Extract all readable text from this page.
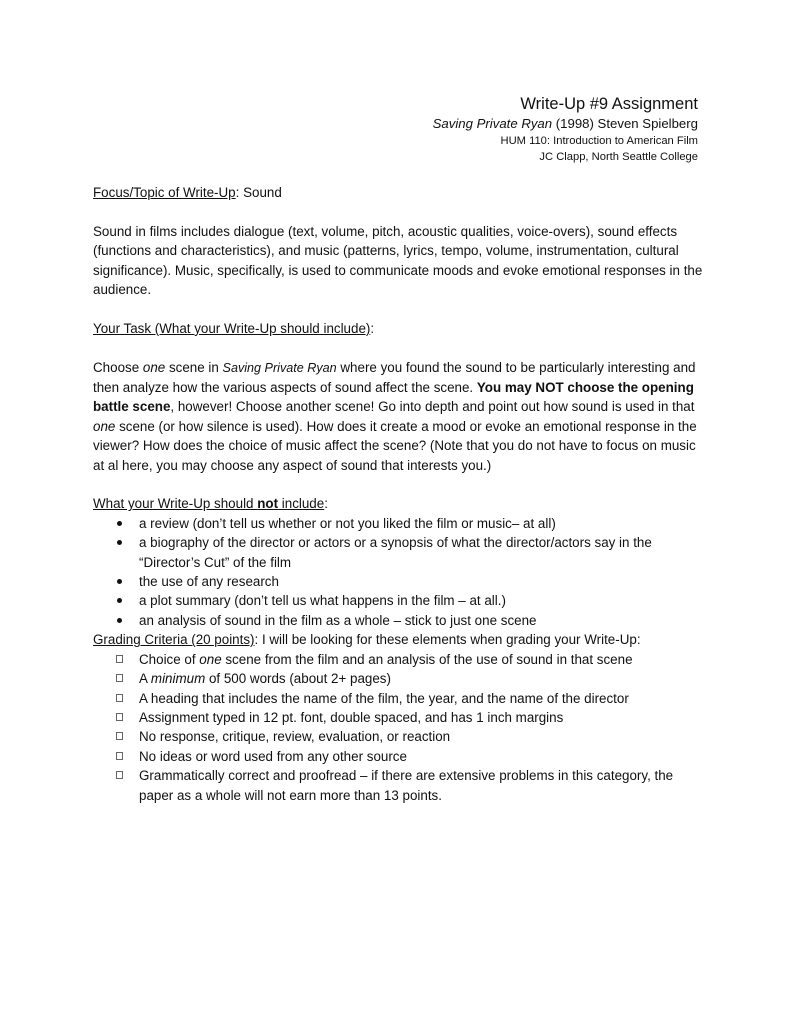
Write-Up #9 Assignment
Saving Private Ryan (1998) Steven Spielberg
HUM 110: Introduction to American Film
JC Clapp, North Seattle College
Focus/Topic of Write-Up: Sound
Sound in films includes dialogue (text, volume, pitch, acoustic qualities, voice-overs), sound effects (functions and characteristics), and music (patterns, lyrics, tempo, volume, instrumentation, cultural significance). Music, specifically, is used to communicate moods and evoke emotional responses in the audience.
Your Task (What your Write-Up should include):
Choose one scene in Saving Private Ryan where you found the sound to be particularly interesting and then analyze how the various aspects of sound affect the scene. You may NOT choose the opening battle scene, however! Choose another scene! Go into depth and point out how sound is used in that one scene (or how silence is used). How does it create a mood or evoke an emotional response in the viewer? How does the choice of music affect the scene? (Note that you do not have to focus on music at al here, you may choose any aspect of sound that interests you.)
What your Write-Up should not include:
a review (don’t tell us whether or not you liked the film or music– at all)
a biography of the director or actors or a synopsis of what the director/actors say in the “Director’s Cut” of the film
the use of any research
a plot summary (don’t tell us what happens in the film – at all.)
an analysis of sound in the film as a whole – stick to just one scene
Grading Criteria (20 points): I will be looking for these elements when grading your Write-Up:
Choice of one scene from the film and an analysis of the use of sound in that scene
A minimum of 500 words (about 2+ pages)
A heading that includes the name of the film, the year, and the name of the director
Assignment typed in 12 pt. font, double spaced, and has 1 inch margins
No response, critique, review, evaluation, or reaction
No ideas or word used from any other source
Grammatically correct and proofread – if there are extensive problems in this category, the paper as a whole will not earn more than 13 points.
